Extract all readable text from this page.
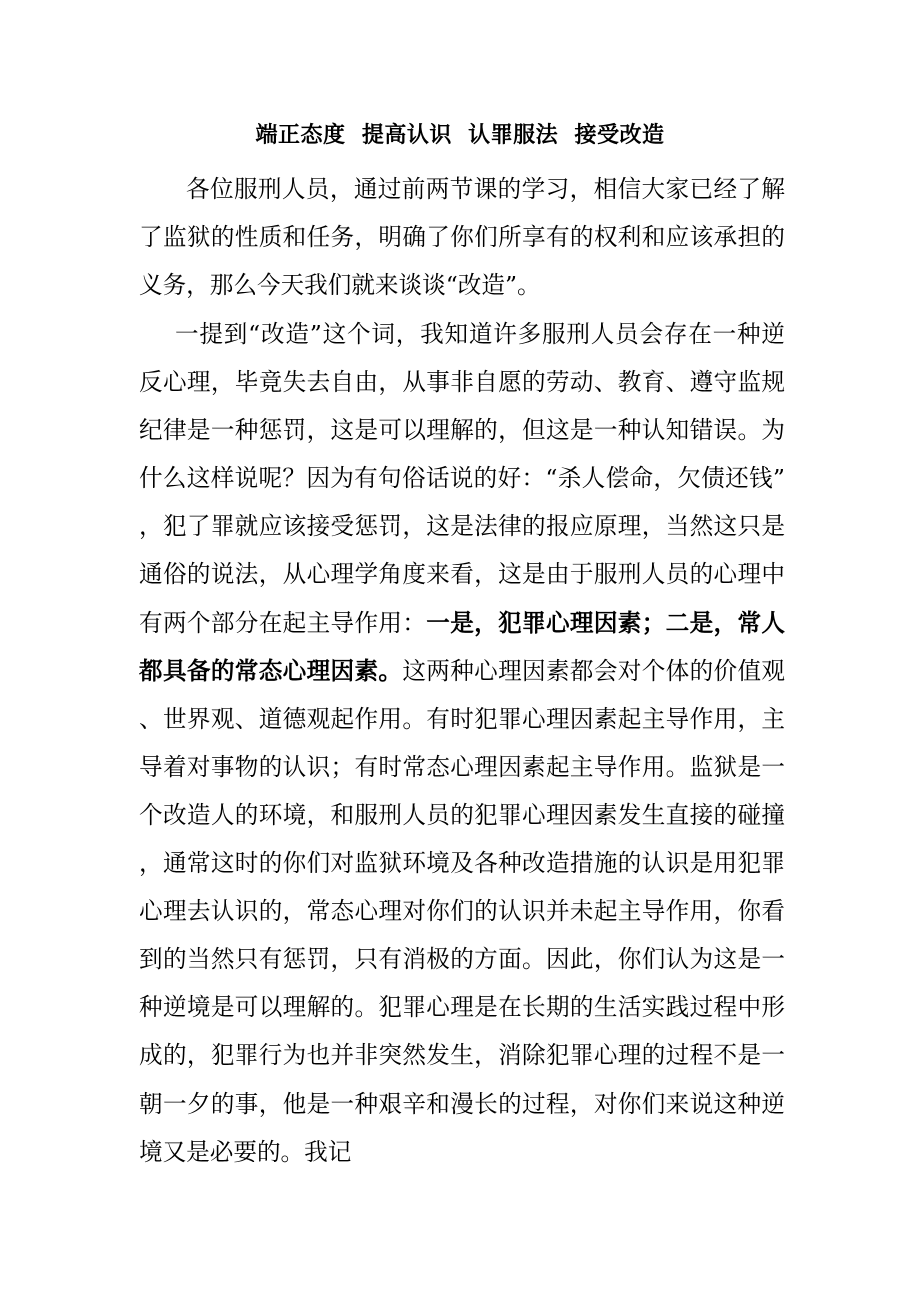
端正态度  提高认识  认罪服法  接受改造

各位服刑人员，通过前两节课的学习，相信大家已经了解了监狱的性质和任务，明确了你们所享有的权利和应该承担的义务，那么今天我们就来谈谈“改造”。

一提到“改造”这个词，我知道许多服刑人员会存在一种逆反心理，毕竟失去自由，从事非自愿的劳动、教育、遵守监规纪律是一种惩罚，这是可以理解的，但这是一种认知错误。为什么这样说呢？因为有句俗话说的好：“杀人偿命，欠债还钱”，犯了罪就应该接受惩罚，这是法律的报应原理，当然这只是通俗的说法，从心理学角度来看，这是由于服刑人员的心理中有两个部分在起主导作用：一是，犯罪心理因素；二是，常人都具备的常态心理因素。这两种心理因素都会对个体的价值观、世界观、道德观起作用。有时犯罪心理因素起主导作用，主导着对事物的认识；有时常态心理因素起主导作用。监狱是一个改造人的环境，和服刑人员的犯罪心理因素发生直接的碰撞，通常这时的你们对监狱环境及各种改造措施的认识是用犯罪心理去认识的，常态心理对你们的认识并未起主导作用，你看到的当然只有惩罚，只有消极的方面。因此，你们认为这是一种逆境是可以理解的。犯罪心理是在长期的生活实践过程中形成的，犯罪行为也并非突然发生，消除犯罪心理的过程不是一朝一夕的事，他是一种艰辛和漫长的过程，对你们来说这种逆境又是必要的。我记
